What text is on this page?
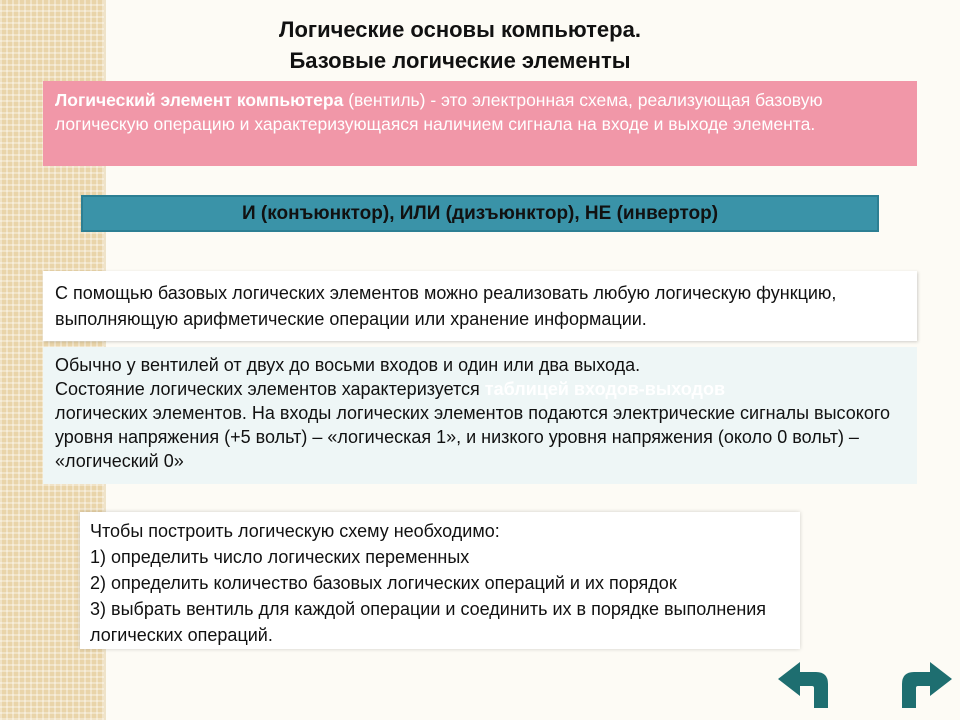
Логические основы компьютера.
Базовые логические элементы
Логический элемент компьютера (вентиль) - это электронная схема, реализующая базовую логическую операцию и характеризующаяся наличием сигнала на входе и выходе элемента.
И (конъюнктор), ИЛИ (дизъюнктор), НЕ (инвертор)
С помощью базовых логических элементов можно реализовать любую логическую функцию, выполняющую арифметические операции или хранение информации.
Обычно у вентилей от двух до восьми входов и один или два выхода.
Состояние логических элементов характеризуется таблицей входов-выходов
логических элементов. На входы логических элементов подаются электрические сигналы высокого уровня напряжения (+5 вольт) – «логическая 1», и низкого уровня напряжения (около 0 вольт) – «логический 0»
Чтобы построить логическую схему необходимо:
1) определить число логических переменных
2) определить количество базовых логических операций и их порядок
3) выбрать вентиль для каждой операции и соединить их в порядке выполнения логических операций.
